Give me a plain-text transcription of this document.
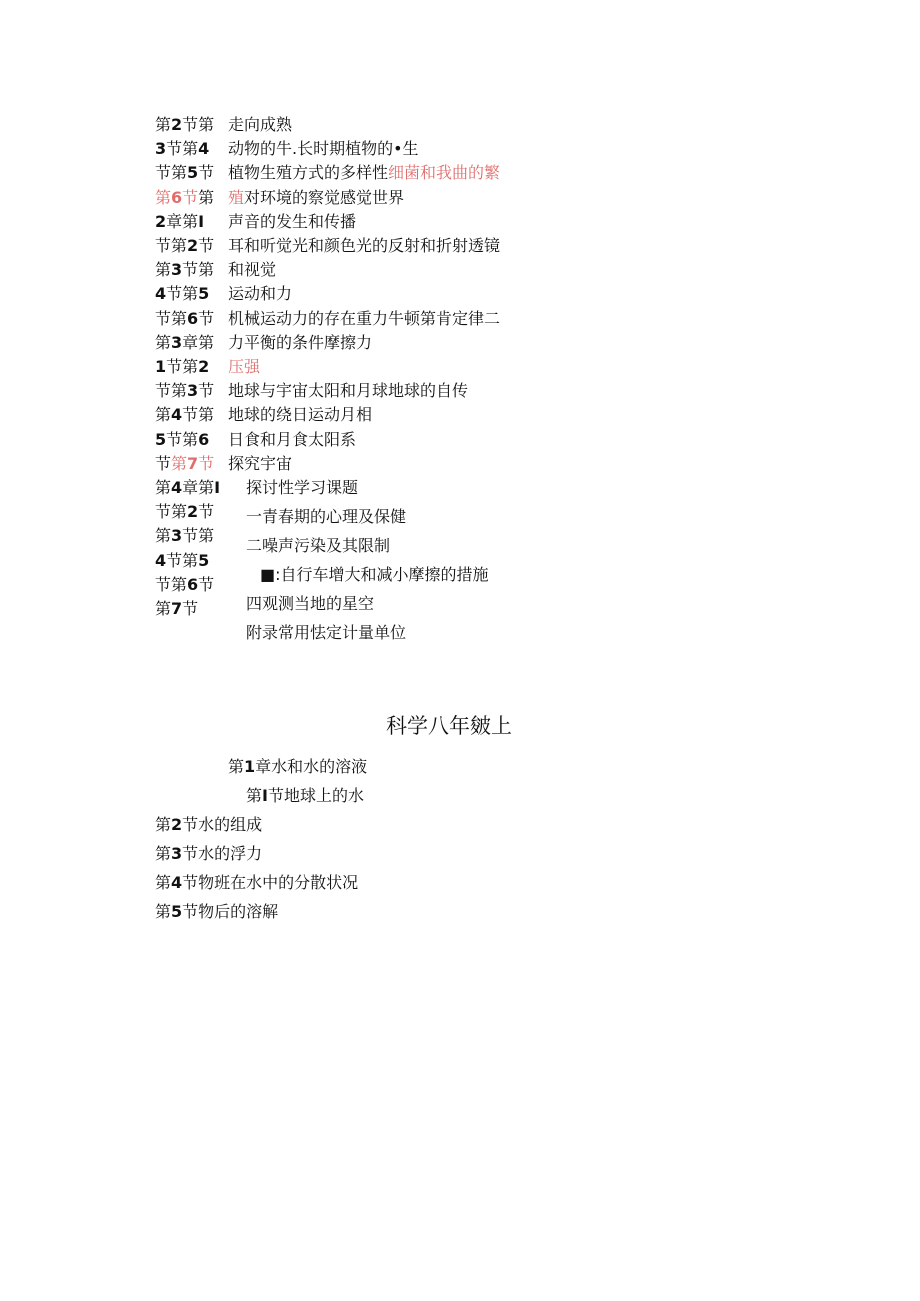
科学八年皴上
第2节第
3节第4
节第5节
第6节第
2章第I
节第2节
第3节第
4节第5
节第6节
第3章第
1节第2
节第3节
第4节第
5节第6
节第7节
第4章第I
节第2节
第3节第
4节第5
节第6节
第7节
走向成熟
动物的牛.长时期植物的•生
植物生殖方式的多样性细菌和我曲的繁
殖对环境的察觉感觉世界
声音的发生和传播
耳和听觉光和颜色光的反射和折射透镜
和视觉
运动和力
机械运动力的存在重力牛顿第肯定律二
力平衡的条件摩擦力
压强
地球与宇宙太阳和月球地球的自传
地球的绕日运动月相
日食和月食太阳系
探究宇宙
探讨性学习课题
一青春期的心理及保健
二噪声污染及其限制
■:自行车增大和减小摩擦的措施
四观测当地的星空
附录常用怯定计量单位
第1章水和水的溶液
第I节地球上的水
第2节水的组成
第3节水的浮力
第4节物班在水中的分散状况
第5节物后的溶解
